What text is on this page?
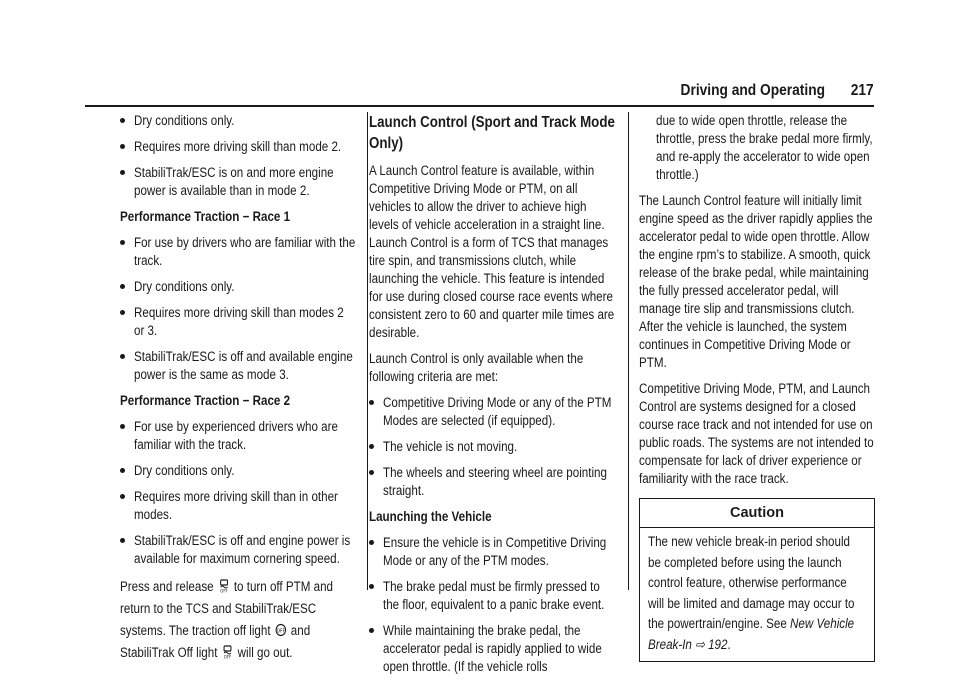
Driving and Operating 217
Dry conditions only.
Requires more driving skill than mode 2.
StabiliTrak/ESC is on and more engine power is available than in mode 2.
Performance Traction − Race 1
For use by drivers who are familiar with the track.
Dry conditions only.
Requires more driving skill than modes 2 or 3.
StabiliTrak/ESC is off and available engine power is the same as mode 3.
Performance Traction − Race 2
For use by experienced drivers who are familiar with the track.
Dry conditions only.
Requires more driving skill than in other modes.
StabiliTrak/ESC is off and engine power is available for maximum cornering speed.
Press and release OFF to turn off PTM and return to the TCS and StabiliTrak/ESC systems. The traction off light OFF and StabiliTrak Off light OFF will go out.
Launch Control (Sport and Track Mode Only)
A Launch Control feature is available, within Competitive Driving Mode or PTM, on all vehicles to allow the driver to achieve high levels of vehicle acceleration in a straight line. Launch Control is a form of TCS that manages tire spin, and transmissions clutch, while launching the vehicle. This feature is intended for use during closed course race events where consistent zero to 60 and quarter mile times are desirable.
Launch Control is only available when the following criteria are met:
Competitive Driving Mode or any of the PTM Modes are selected (if equipped).
The vehicle is not moving.
The wheels and steering wheel are pointing straight.
Launching the Vehicle
Ensure the vehicle is in Competitive Driving Mode or any of the PTM modes.
The brake pedal must be firmly pressed to the floor, equivalent to a panic brake event.
While maintaining the brake pedal, the accelerator pedal is rapidly applied to wide open throttle. (If the vehicle rolls
due to wide open throttle, release the throttle, press the brake pedal more firmly, and re-apply the accelerator to wide open throttle.)
The Launch Control feature will initially limit engine speed as the driver rapidly applies the accelerator pedal to wide open throttle. Allow the engine rpm’s to stabilize. A smooth, quick release of the brake pedal, while maintaining the fully pressed accelerator pedal, will manage tire slip and transmissions clutch. After the vehicle is launched, the system continues in Competitive Driving Mode or PTM.
Competitive Driving Mode, PTM, and Launch Control are systems designed for a closed course race track and not intended for use on public roads. The systems are not intended to compensate for lack of driver experience or familiarity with the race track.
Caution
The new vehicle break-in period should be completed before using the launch control feature, otherwise performance will be limited and damage may occur to the powertrain/engine. See New Vehicle Break-In ⇨ 192.
